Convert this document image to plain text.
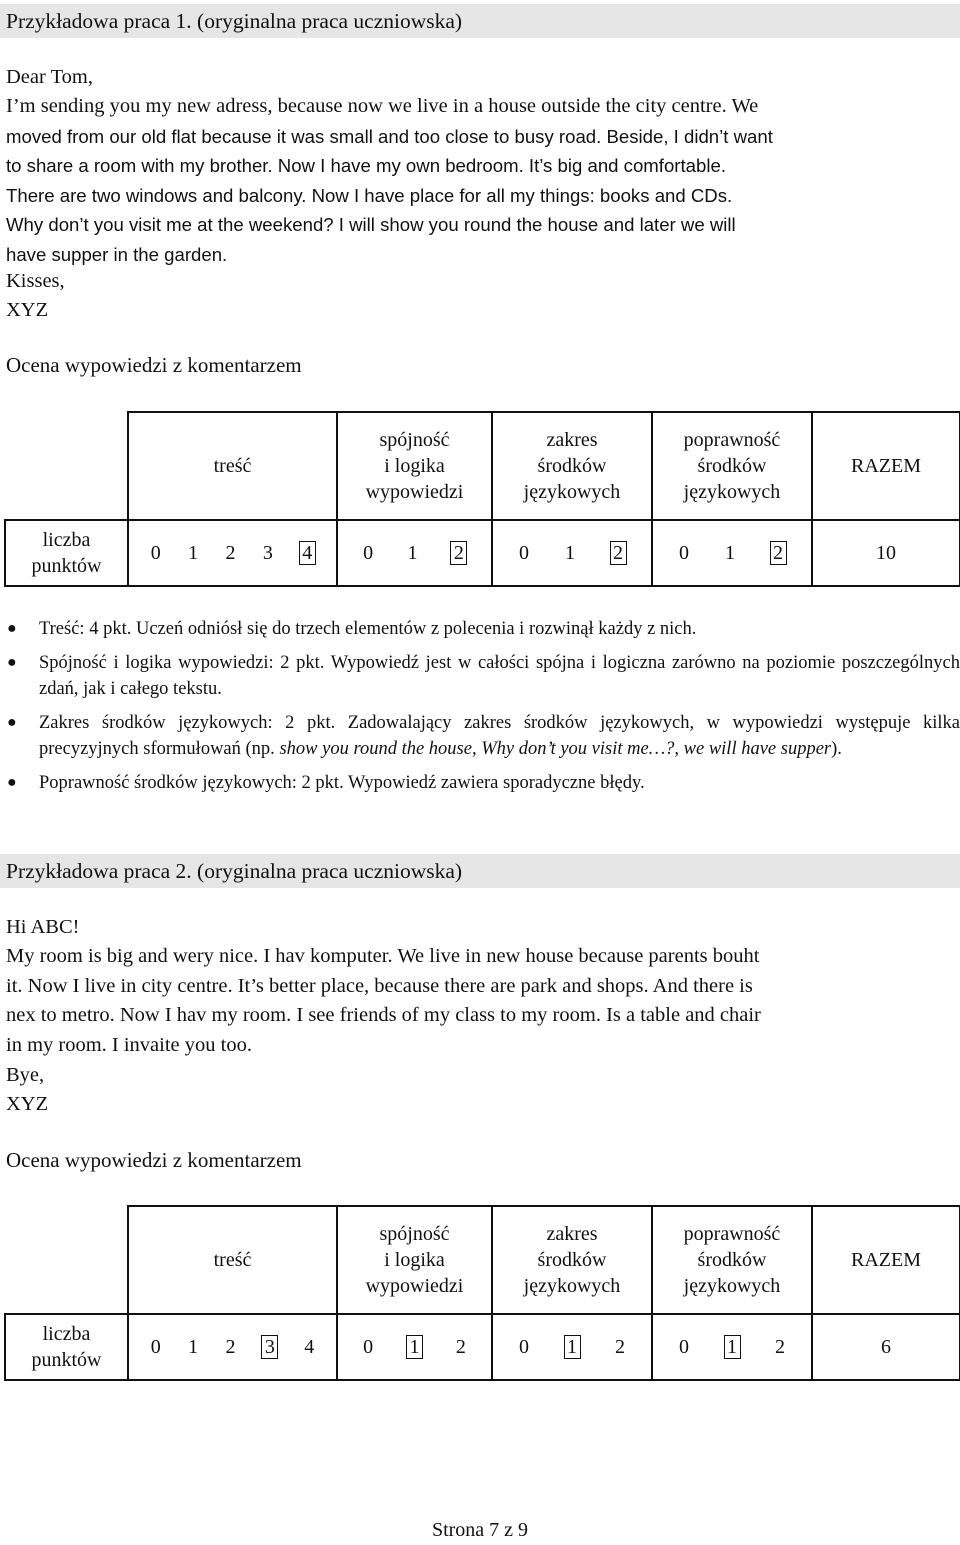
Przykładowa praca 1. (oryginalna praca uczniowska)
Dear Tom,

I’m sending you my new adress, because now we live in a house outside the city centre. We

moved from our old flat because it was small and too close to busy road. Beside, I didn’t want

to share a room with my brother. Now I have my own bedroom. It’s big and comfortable.

There are two windows and balcony. Now I have place for all my things: books and CDs.

Why don’t you visit me at the weekend? I will show you round the house and later we will

have supper in the garden.

Kisses,
XYZ
Ocena wypowiedzi z komentarzem
	treść	spójność
i logika
wypowiedzi	zakres
środków
językowych	poprawność
środków
językowych	RAZEM
liczba
punktów	0 1 2 3 4	0 1 2	0 1 2	0 1 2	10
● Treść: 4 pkt. Uczeń odniósł się do trzech elementów z polecenia i rozwinął każdy z nich.
● Spójność i logika wypowiedzi: 2 pkt. Wypowiedź jest w całości spójna i logiczna zarówno na poziomie poszczególnych zdań, jak i całego tekstu.
● Zakres środków językowych: 2 pkt. Zadowalający zakres środków językowych, w wypowiedzi występuje kilka precyzyjnych sformułowań (np. show you round the house, Why don’t you visit me…?, we will have supper).
● Poprawność środków językowych: 2 pkt. Wypowiedź zawiera sporadyczne błędy.
Przykładowa praca 2. (oryginalna praca uczniowska)
Hi ABC!

My room is big and wery nice. I hav komputer. We live in new house because parents bouht

it. Now I live in city centre. It’s better place, because there are park and shops. And there is

nex to metro. Now I hav my room. I see friends of my class to my room. Is a table and chair

in my room. I invaite you too.

Bye,
XYZ
Ocena wypowiedzi z komentarzem
	treść	spójność
i logika
wypowiedzi	zakres
środków
językowych	poprawność
środków
językowych	RAZEM
liczba
punktów	0 1 2 3 4	0 1 2	0 1 2	0 1 2	6
Strona 7 z 9
